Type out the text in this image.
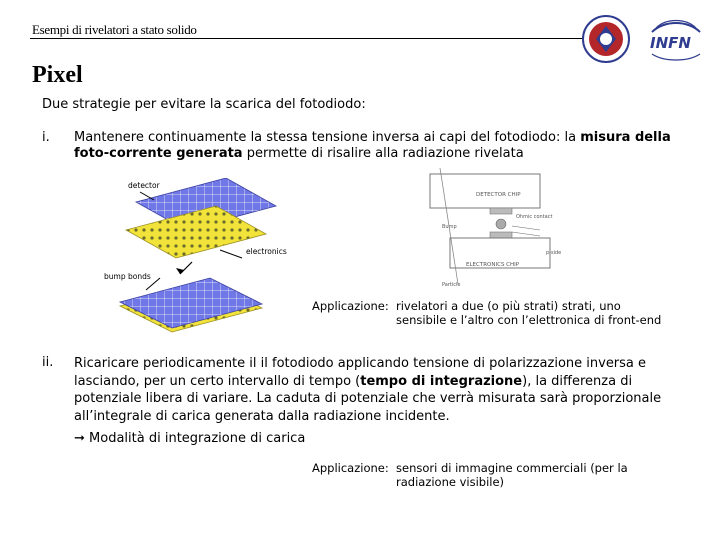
Esempi di rivelatori a stato solido
INFN
Pixel
Due strategie per evitare la scarica del fotodiodo:
i. Mantenere continuamente la stessa tensione inversa ai capi del fotodiodo: la misura della foto-corrente generata permette di risalire alla radiazione rivelata
detector
electronics
bump bonds
DETECTOR CHIP
ELECTRONICS CHIP
Particle
Bump
Ohmic contact
p-side
Applicazione: rivelatori a due (o più strati) strati, uno
sensibile e l’altro con l’elettronica di front-end
ii. Ricaricare periodicamente il il fotodiodo applicando tensione di polarizzazione inversa e lasciando, per un certo intervallo di tempo (tempo di integrazione), la differenza di potenziale libera di variare. La caduta di potenziale che verrà misurata sarà proporzionale all’integrale di carica generata dalla radiazione incidente.
➞ Modalità di integrazione di carica
Applicazione: sensori di immagine commerciali (per la
radiazione visibile)
